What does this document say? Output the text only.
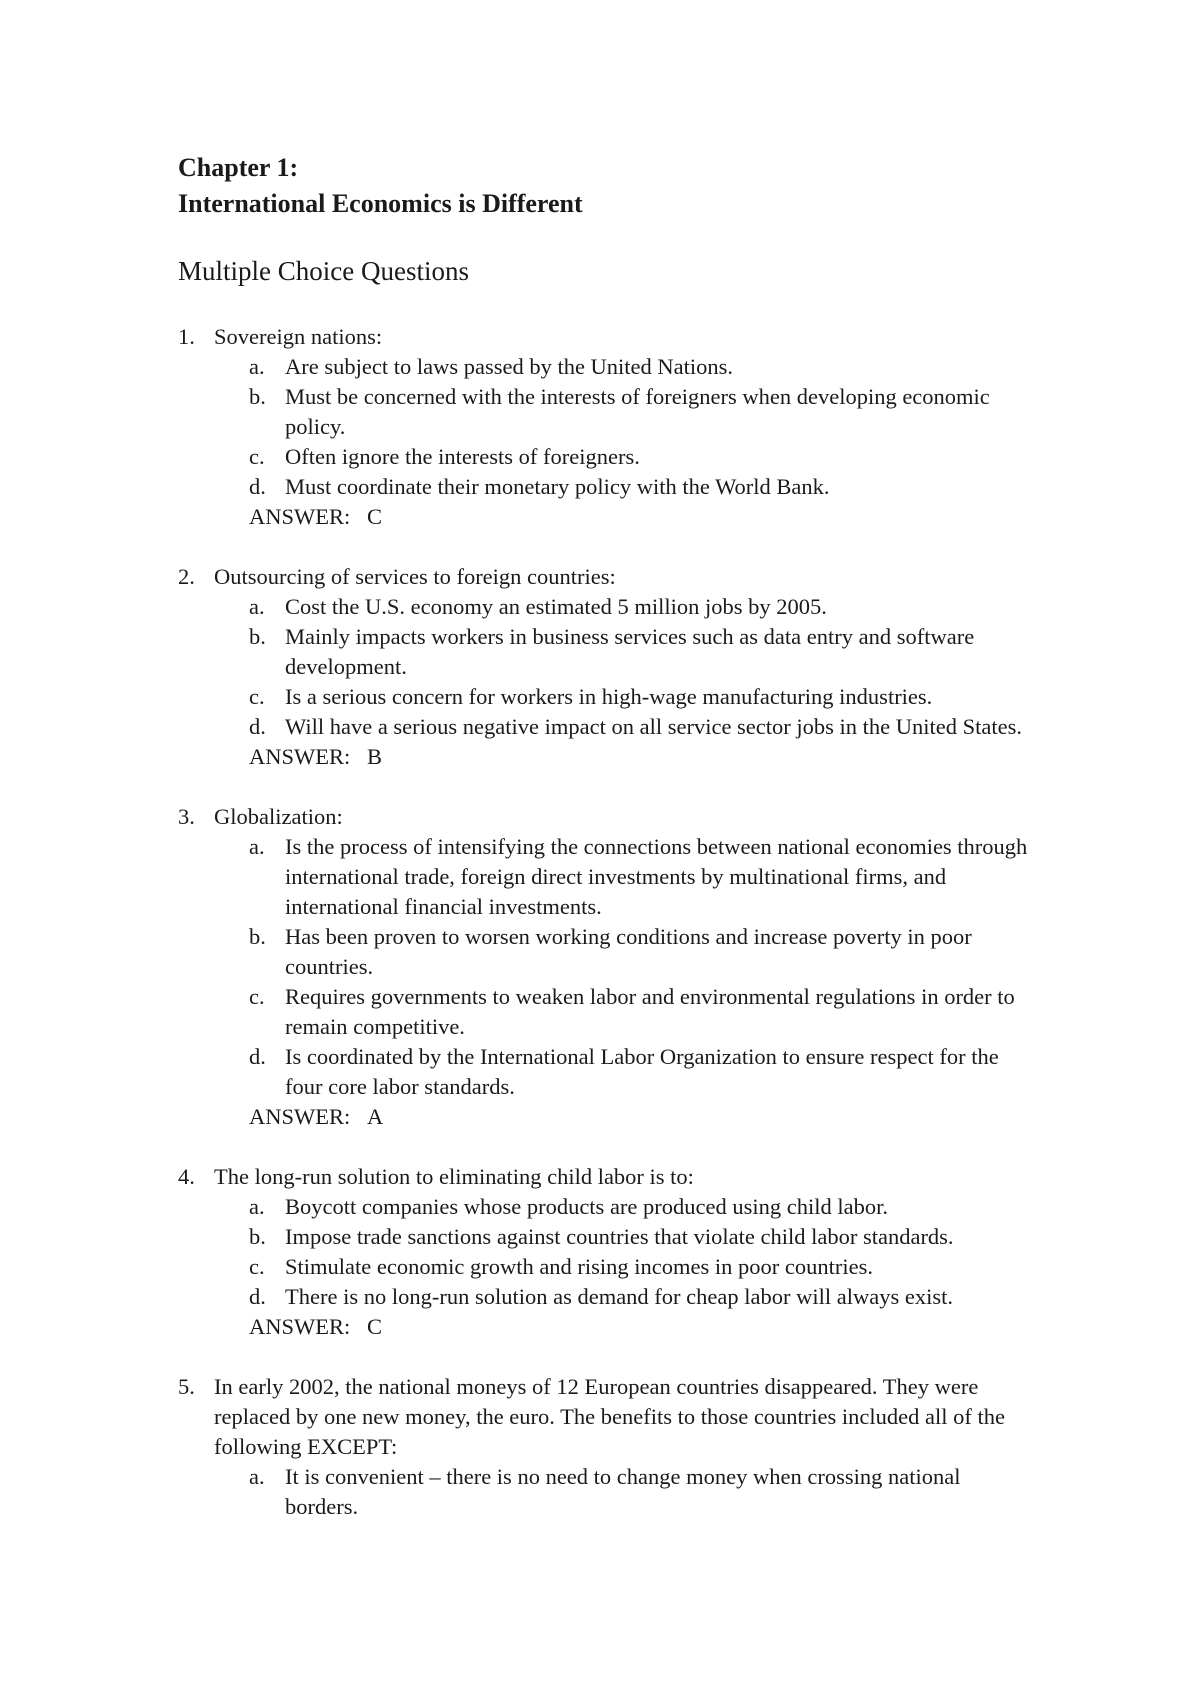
Chapter 1:
International Economics is Different
Multiple Choice Questions
1. Sovereign nations:
a. Are subject to laws passed by the United Nations.
b. Must be concerned with the interests of foreigners when developing economic policy.
c. Often ignore the interests of foreigners.
d. Must coordinate their monetary policy with the World Bank.
ANSWER: C
2. Outsourcing of services to foreign countries:
a. Cost the U.S. economy an estimated 5 million jobs by 2005.
b. Mainly impacts workers in business services such as data entry and software development.
c. Is a serious concern for workers in high-wage manufacturing industries.
d. Will have a serious negative impact on all service sector jobs in the United States.
ANSWER: B
3. Globalization:
a. Is the process of intensifying the connections between national economies through international trade, foreign direct investments by multinational firms, and international financial investments.
b. Has been proven to worsen working conditions and increase poverty in poor countries.
c. Requires governments to weaken labor and environmental regulations in order to remain competitive.
d. Is coordinated by the International Labor Organization to ensure respect for the four core labor standards.
ANSWER: A
4. The long-run solution to eliminating child labor is to:
a. Boycott companies whose products are produced using child labor.
b. Impose trade sanctions against countries that violate child labor standards.
c. Stimulate economic growth and rising incomes in poor countries.
d. There is no long-run solution as demand for cheap labor will always exist.
ANSWER: C
5. In early 2002, the national moneys of 12 European countries disappeared. They were replaced by one new money, the euro. The benefits to those countries included all of the following EXCEPT:
a. It is convenient – there is no need to change money when crossing national borders.
